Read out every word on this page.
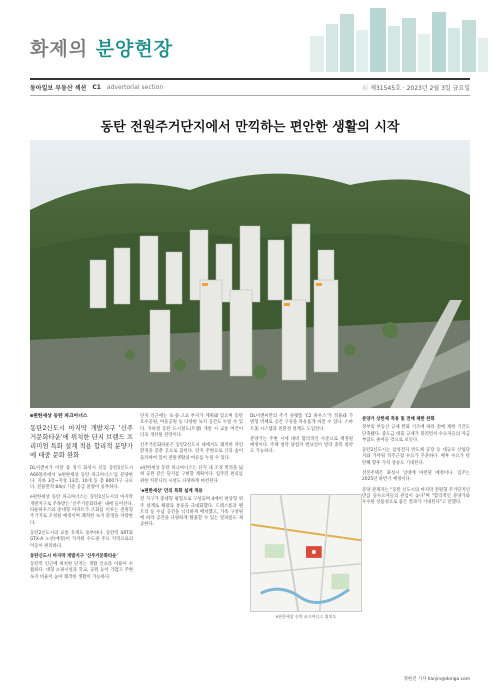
화제의 분양현장
동아일보 부동산 섹션 C1 advertorial section	ⓒ 제31545호 · 2023년 2월 3일 금요일
동탄 전원주거단지에서 만끽하는 편안한 생활의 시작
e편한세상 동탄 파크아너스
동탄2신도시 마지막 개발지구 '신주거문화타운'에 위치한 단지 브랜드 프리미엄 특화 설계 적용 합리적 분양가에 대중 문화 완화
DL이앤씨가 이달 중 경기 화성시 신동 동탄2신도시 A60블록에서 'e편한세상 동탄 파크아너스'를 분양한다. 지하 3층~지상 13층, 10개 동 총 800가구 규모다. 전용면적 84㎡ 기준 공급 물량이 풍부하다.
e편한세상 동탄 파크아너스는 동탄2신도시의 마지막 개발지구로 주목받는 '신주거문화타운' 내에 들어선다. 타운하우스와 중대형 아파트가 조화를 이루는 전원형 주거지로 조성될 예정이며 쾌적한 녹지 환경을 자랑한다.
동탄2신도시의 교통 호재도 풍부하다. 동탄역 SRT와 GTX-A 노선(예정)이 가까워 수도권 주요 지역으로의 이동이 편리하다.
동탄신도시 마지막 개발지구 '신주거문화타운'
동탄역 인근에 위치한 단지는 생활 인프라 이용이 수월하다. 대형 쇼핑시설과 학교, 공원 등이 가깝고 주변 녹지 비율이 높아 쾌적한 생활이 가능하다.
단지 인근에는 초·중·고교 부지가 계획돼 있으며 동탄 호수공원, 여울공원 등 다양한 녹지 공간도 누릴 수 있다. 지하철 동탄 도시철도(트램) 개통 시 교통 여건이 더욱 개선될 전망이다.
신주거문화타운은 동탄2신도시 내에서도 쾌적한 자연환경을 갖춘 곳으로 꼽힌다. 단지 주변으로 산과 숲이 둘러싸여 있어 전원생활의 여유를 누릴 수 있다.
e편한세상 동탄 파크아너스는 단지 내 조경 면적을 넓혀 공원 같은 단지를 구현할 계획이다. 입주민 편의를 위한 커뮤니티 시설도 다양하게 마련된다.
'e편한세상' 만의 특화 설계 적용
전 가구가 중대형 평형으로 구성되며 4베이 판상형 위주 설계로 채광과 통풍을 극대화했다. 드레스룸과 팬트리 등 수납 공간을 넉넉하게 배치했고, 가족 구성원에 따라 공간을 다양하게 활용할 수 있는 알파룸도 제공한다.
DL이앤씨만의 주거 플랫폼 'C2 하우스'가 적용돼 가변형 벽체로 공간 구성을 자유롭게 바꿀 수 있다. 스마트홈 시스템과 친환경 설계도 도입된다.
분양가는 주변 시세 대비 합리적인 수준으로 책정될 예정이다. 주택 청약 당첨자 발표일이 달라 중복 청약도 가능하다.
e편한세상 동탄 파크아너스 위치도
분양가 상한제 적용 및 전매 제한 완화
정부의 부동산 규제 완화 기조에 따라 전매 제한 기간도 단축됐다. 중도금 대출 규제가 풀리면서 수요자들의 자금 부담도 줄어들 것으로 보인다.
동탄2신도시는 삼성전자 반도체 공장 등 대규모 산업단지와 가까워 직주근접 수요가 꾸준하다. 배후 수요가 탄탄해 향후 가치 상승도 기대된다.
견본주택은 화성시 일대에 마련될 예정이다. 입주는 2025년 하반기 예정이다.
분양 관계자는 "동탄 신도시의 마지막 전원형 주거단지인 만큼 실수요자들의 관심이 높다"며 "합리적인 분양가와 우수한 상품성으로 좋은 결과가 기대된다"고 말했다.
정한진 기자 hanjin@donga.com
